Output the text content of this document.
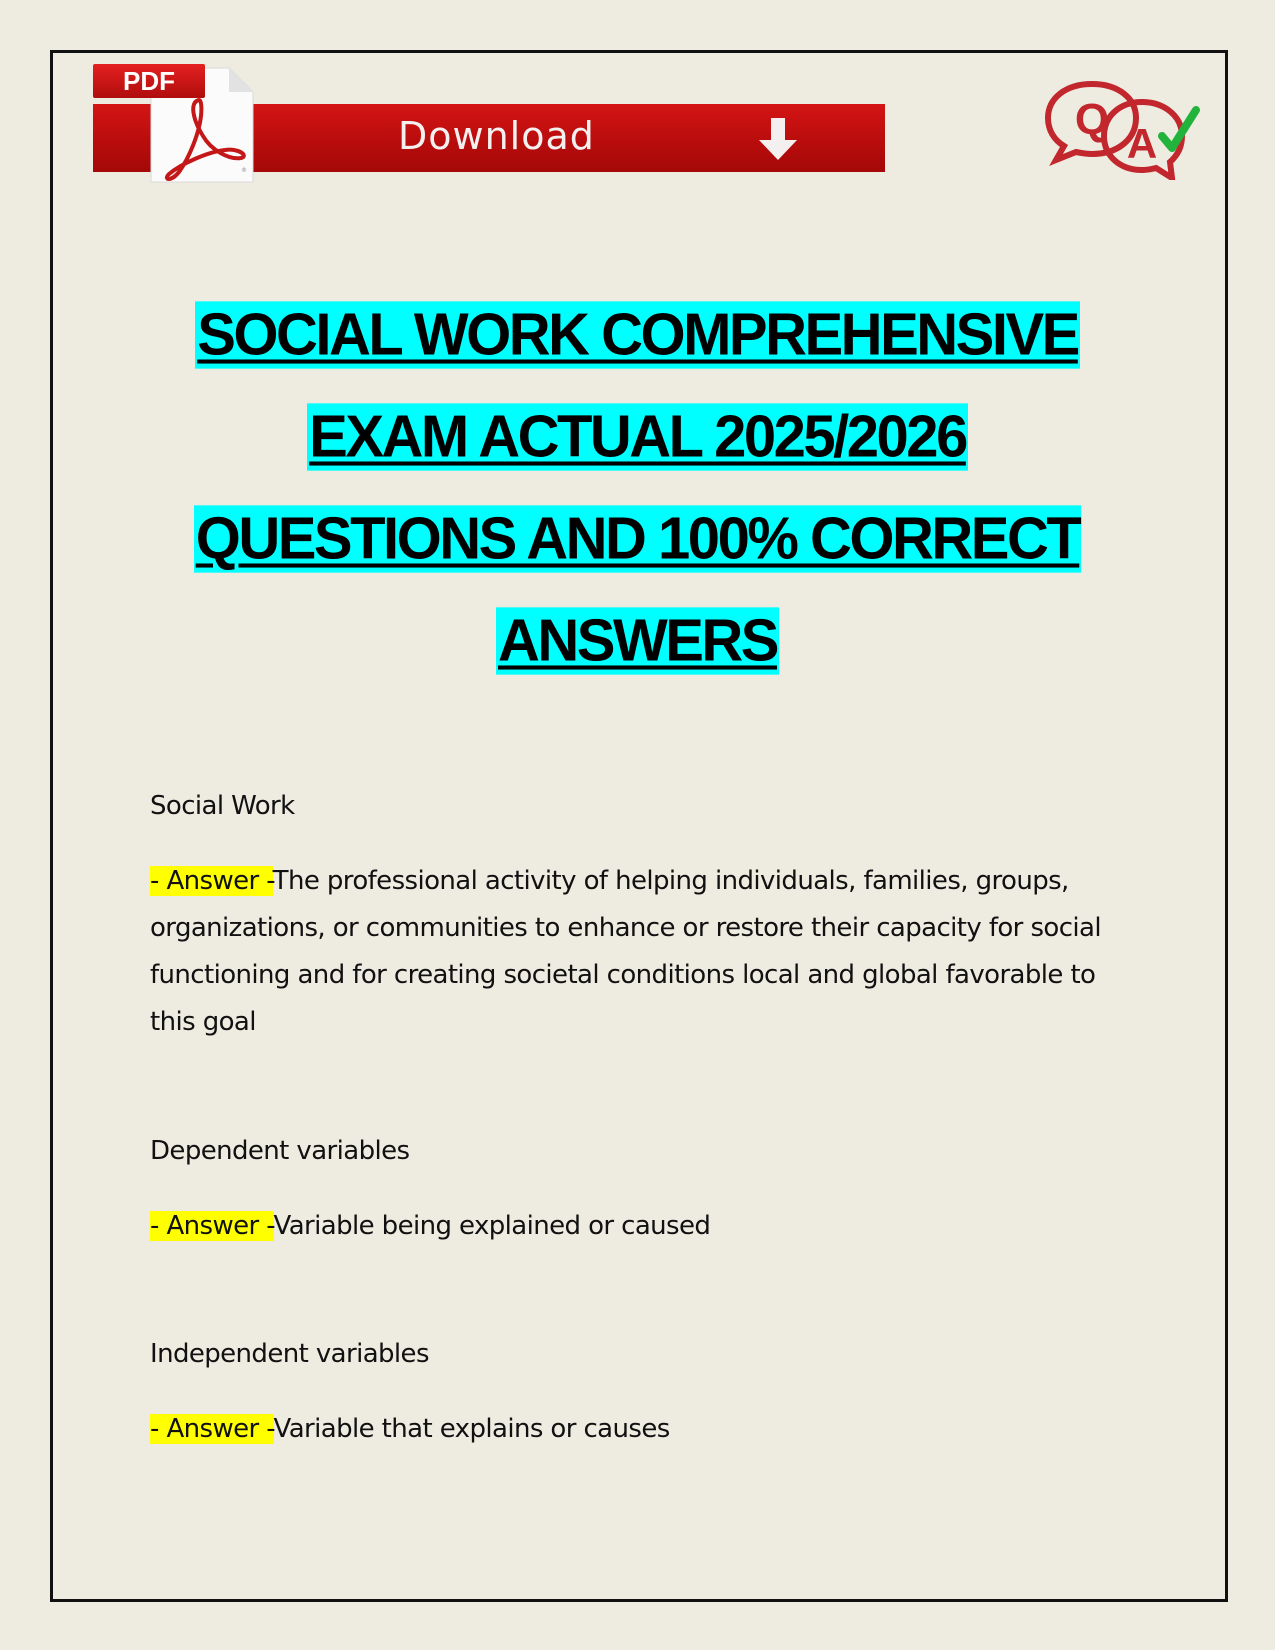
®
PDF
Download	Q A
SOCIAL WORK COMPREHENSIVE
EXAM ACTUAL 2025/2026
QUESTIONS AND 100% CORRECT
ANSWERS
Social Work
- Answer -The professional activity of helping individuals, families, groups, organizations, or communities to enhance or restore their capacity for social functioning and for creating societal conditions local and global favorable to this goal
Dependent variables
- Answer -Variable being explained or caused
Independent variables
- Answer -Variable that explains or causes
